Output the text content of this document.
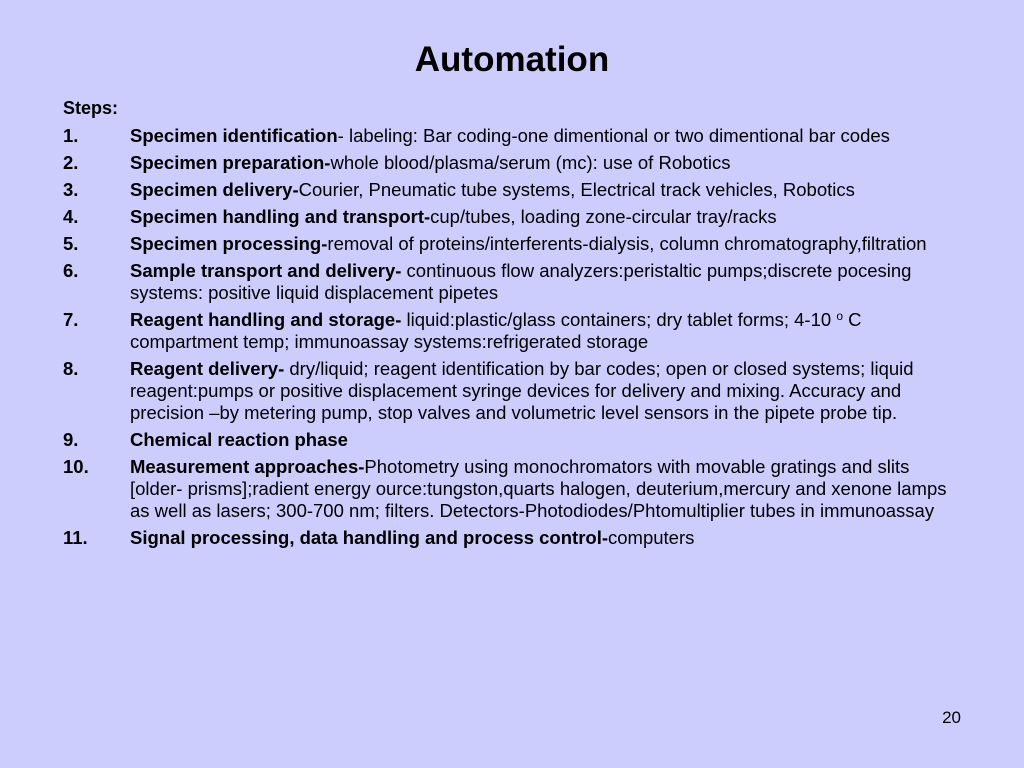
Automation
Steps:
1.	Specimen identification- labeling: Bar coding-one dimentional or two dimentional bar codes
2.	Specimen preparation-whole blood/plasma/serum (mc): use of Robotics
3.	Specimen delivery-Courier, Pneumatic tube systems, Electrical track vehicles, Robotics
4.	Specimen handling and transport-cup/tubes, loading zone-circular tray/racks
5.	Specimen processing-removal of proteins/interferents-dialysis, column chromatography,filtration
6.	Sample transport and delivery- continuous flow analyzers:peristaltic pumps;discrete pocesing systems: positive liquid displacement pipetes
7.	Reagent handling and storage- liquid:plastic/glass containers; dry tablet forms; 4-10 $^o$ C compartment temp; immunoassay systems:refrigerated storage
8.	Reagent delivery- dry/liquid; reagent identification by bar codes; open or closed systems; liquid reagent:pumps or positive displacement syringe devices for delivery and mixing. Accuracy and precision –by metering pump, stop valves and volumetric level sensors in the pipete probe tip.
9.	Chemical reaction phase
10.	Measurement approaches-Photometry using monochromators with movable gratings and slits [older- prisms];radient energy ource:tungston,quarts halogen, deuterium,mercury and xenone lamps as well as lasers; 300-700 nm; filters. Detectors-Photodiodes/Phtomultiplier tubes in immunoassay
11.	Signal processing, data handling and process control-computers
20
